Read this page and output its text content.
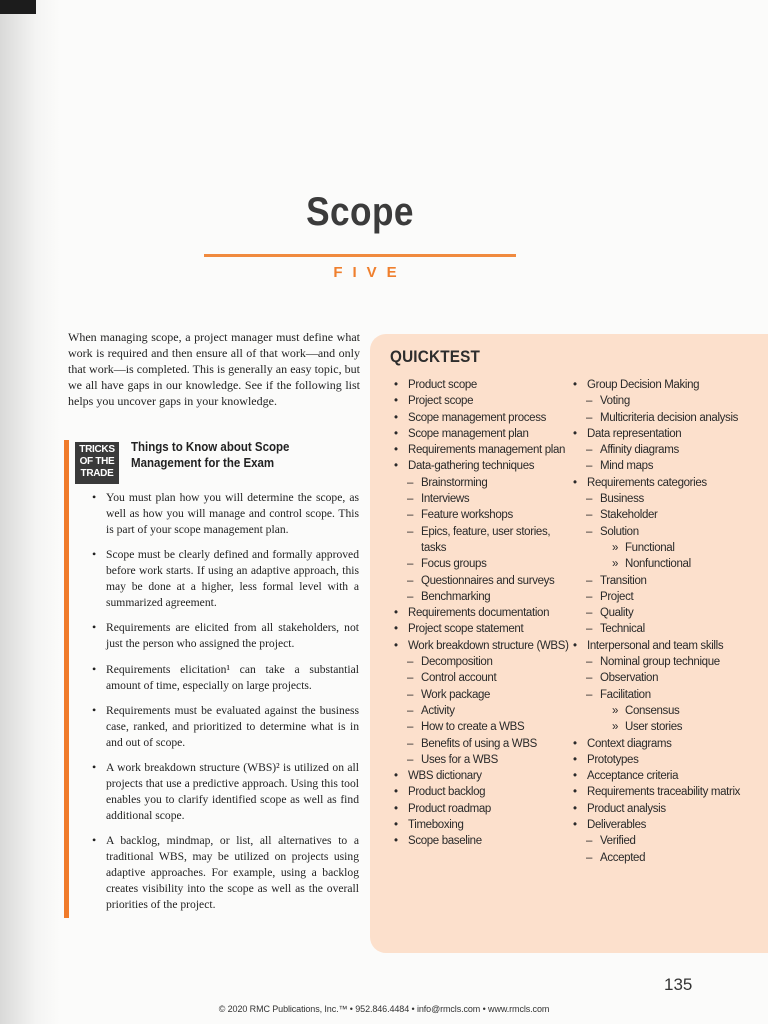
Scope
FIVE

When managing scope, a project manager must define what work is required and then ensure all of that work—and only that work—is completed. This is generally an easy topic, but we all have gaps in our knowledge. See if the following list helps you uncover gaps in your knowledge.

TRICKS
OF THE
TRADE

Things to Know about Scope Management for the Exam

• You must plan how you will determine the scope, as well as how you will manage and control scope. This is part of your scope management plan.
• Scope must be clearly defined and formally approved before work starts. If using an adaptive approach, this may be done at a higher, less formal level with a summarized agreement.
• Requirements are elicited from all stakeholders, not just the person who assigned the project.
• Requirements elicitation¹ can take a substantial amount of time, especially on large projects.
• Requirements must be evaluated against the business case, ranked, and prioritized to determine what is in and out of scope.
• A work breakdown structure (WBS)² is utilized on all projects that use a predictive approach. Using this tool enables you to clarify identified scope as well as find additional scope.
• A backlog, mindmap, or list, all alternatives to a traditional WBS, may be utilized on projects using adaptive approaches. For example, using a backlog creates visibility into the scope as well as the overall priorities of the project.
QUICKTEST
• Product scope
• Project scope
• Scope management process
• Scope management plan
• Requirements management plan
• Data-gathering techniques
– Brainstorming
– Interviews
– Feature workshops
– Epics, feature, user stories, tasks
– Focus groups
– Questionnaires and surveys
– Benchmarking
• Requirements documentation
• Project scope statement
• Work breakdown structure (WBS)
– Decomposition
– Control account
– Work package
– Activity
– How to create a WBS
– Benefits of using a WBS
– Uses for a WBS
• WBS dictionary
• Product backlog
• Product roadmap
• Timeboxing
• Scope baseline
• Group Decision Making
– Voting
– Multicriteria decision analysis
• Data representation
– Affinity diagrams
– Mind maps
• Requirements categories
– Business
– Stakeholder
– Solution
» Functional
» Nonfunctional
– Transition
– Project
– Quality
– Technical
• Interpersonal and team skills
– Nominal group technique
– Observation
– Facilitation
» Consensus
» User stories
• Context diagrams
• Prototypes
• Acceptance criteria
• Requirements traceability matrix
• Product analysis
• Deliverables
– Verified
– Accepted
135
© 2020 RMC Publications, Inc.™ • 952.846.4484 • info@rmcls.com • www.rmcls.com
